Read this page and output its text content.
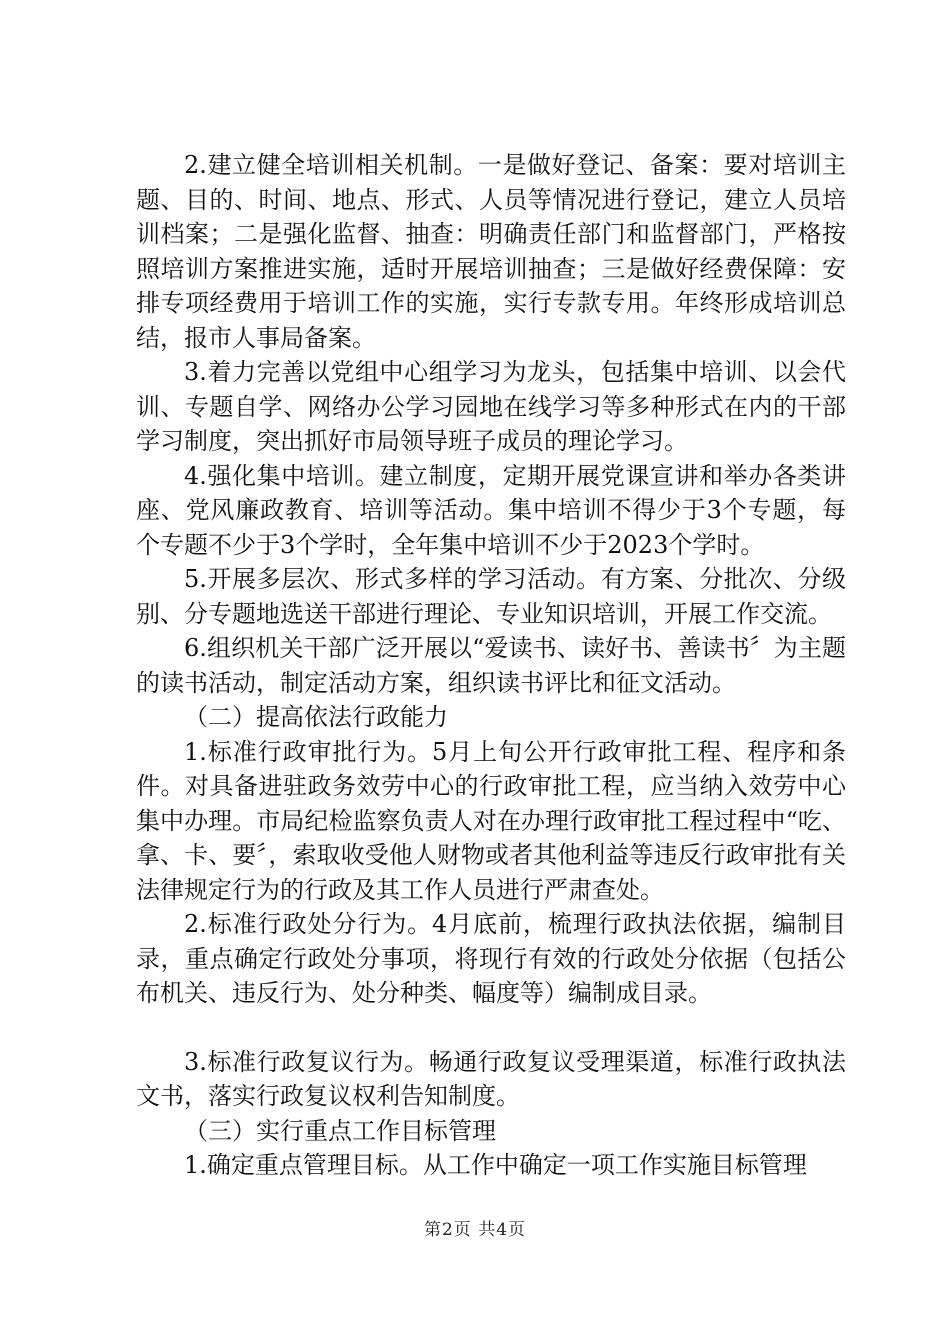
2.建立健全培训相关机制。一是做好登记、备案：要对培训主题、目的、时间、地点、形式、人员等情况进行登记，建立人员培训档案；二是强化监督、抽查：明确责任部门和监督部门，严格按照培训方案推进实施，适时开展培训抽查；三是做好经费保障：安排专项经费用于培训工作的实施，实行专款专用。年终形成培训总结，报市人事局备案。

3.着力完善以党组中心组学习为龙头，包括集中培训、以会代训、专题自学、网络办公学习园地在线学习等多种形式在内的干部学习制度，突出抓好市局领导班子成员的理论学习。

4.强化集中培训。建立制度，定期开展党课宣讲和举办各类讲座、党风廉政教育、培训等活动。集中培训不得少于3个专题，每个专题不少于3个学时，全年集中培训不少于2023个学时。

5.开展多层次、形式多样的学习活动。有方案、分批次、分级别、分专题地选送干部进行理论、专业知识培训，开展工作交流。

6.组织机关干部广泛开展以“爱读书、读好书、善读书〞为主题的读书活动，制定活动方案，组织读书评比和征文活动。

（二）提高依法行政能力

1.标准行政审批行为。5月上旬公开行政审批工程、程序和条件。对具备进驻政务效劳中心的行政审批工程，应当纳入效劳中心集中办理。市局纪检监察负责人对在办理行政审批工程过程中“吃、拿、卡、要〞，索取收受他人财物或者其他利益等违反行政审批有关法律规定行为的行政及其工作人员进行严肃查处。

2.标准行政处分行为。4月底前，梳理行政执法依据，编制目录，重点确定行政处分事项，将现行有效的行政处分依据（包括公布机关、违反行为、处分种类、幅度等）编制成目录。

3.标准行政复议行为。畅通行政复议受理渠道，标准行政执法文书，落实行政复议权利告知制度。

（三）实行重点工作目标管理

1.确定重点管理目标。从工作中确定一项工作实施目标管理

第2页 共4页
